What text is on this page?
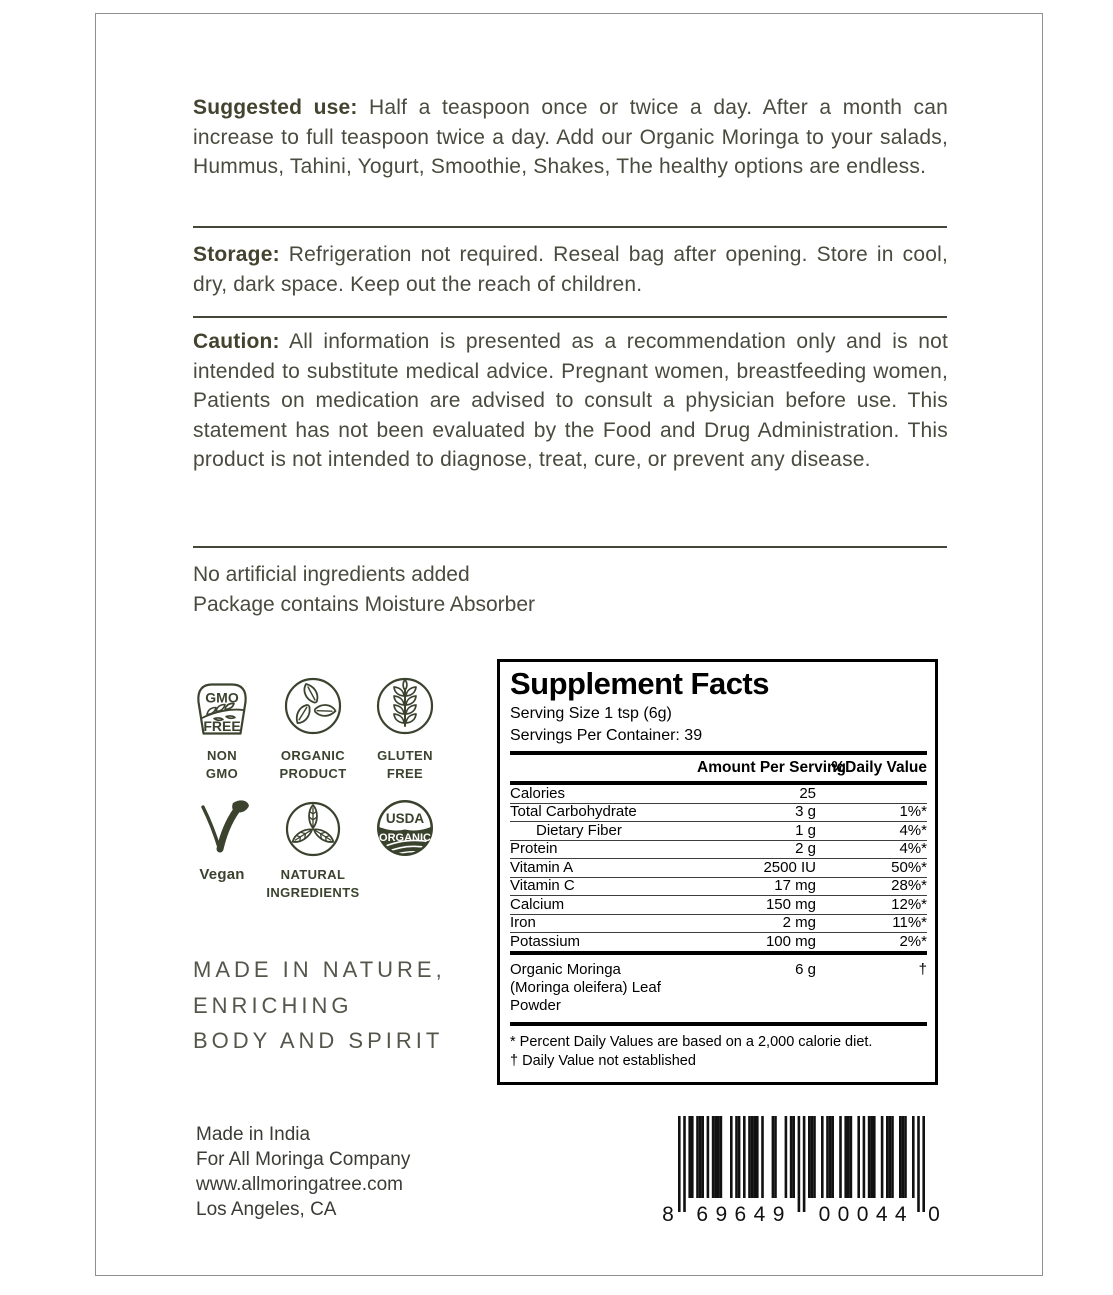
Suggested use: Half a teaspoon once or twice a day. After a month can increase to full teaspoon twice a day. Add our Organic Moringa to your salads, Hummus, Tahini, Yogurt, Smoothie, Shakes, The healthy options are endless.
Storage: Refrigeration not required. Reseal bag after opening. Store in cool, dry, dark space. Keep out the reach of children.
Caution: All information is presented as a recommendation only and is not intended to substitute medical advice. Pregnant women, breastfeeding women, Patients on medication are advised to consult a physician before use. This statement has not been evaluated by the Food and Drug Administration. This product is not intended to diagnose, treat, cure, or prevent any disease.
No artificial ingredients added
Package contains Moisture Absorber
GMO
FREE
NON
GMO
ORGANIC
PRODUCT
GLUTEN
FREE
USDA
ORGANIC
Vegan	NATURAL
INGREDIENTS
MADE IN NATURE,
ENRICHING
BODY AND SPIRIT
Supplement Facts
Serving Size 1 tsp (6g)
Servings Per Container: 39
Amount Per Serving
%Daily Value
Calories	25
Total Carbohydrate	3 g	1%*
Dietary Fiber	1 g	4%*
Protein	2 g	4%*
Vitamin A	2500 IU	50%*
Vitamin C	17 mg	28%*
Calcium	150 mg	12%*
Iron	2 mg	11%*
Potassium	100 mg	2%*
Organic Moringa
(Moringa oleifera) Leaf Powder
6 g	†
* Percent Daily Values are based on a 2,000 calorie diet.
† Daily Value not established
8 69649 00044 0
Made in India
For All Moringa Company
www.allmoringatree.com
Los Angeles, CA
